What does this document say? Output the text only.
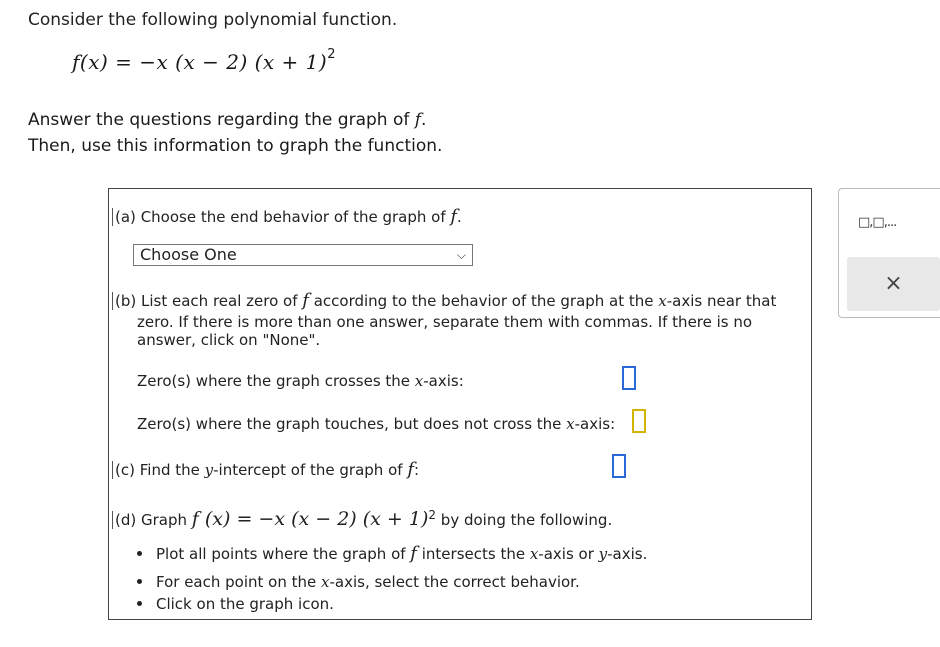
Consider the following polynomial function.
f(x) = −x (x − 2) $(x + 1)^2$
Answer the questions regarding the graph of f.
Then, use this information to graph the function.
(a) Choose the end behavior of the graph of f.
Choose One	⌵
(b) List each real zero of f according to the behavior of the graph at the x-axis near that
zero. If there is more than one answer, separate them with commas. If there is no
answer, click on "None".
Zero(s) where the graph crosses the x-axis:
Zero(s) where the graph touches, but does not cross the x-axis:
(c) Find the y-intercept of the graph of f:
(d) Graph f (x) = −x (x − 2) $(x + 1)^2$ by doing the following.
Plot all points where the graph of f intersects the x-axis or y-axis.
For each point on the x-axis, select the correct behavior.
Click on the graph icon.
□,□,...
×
